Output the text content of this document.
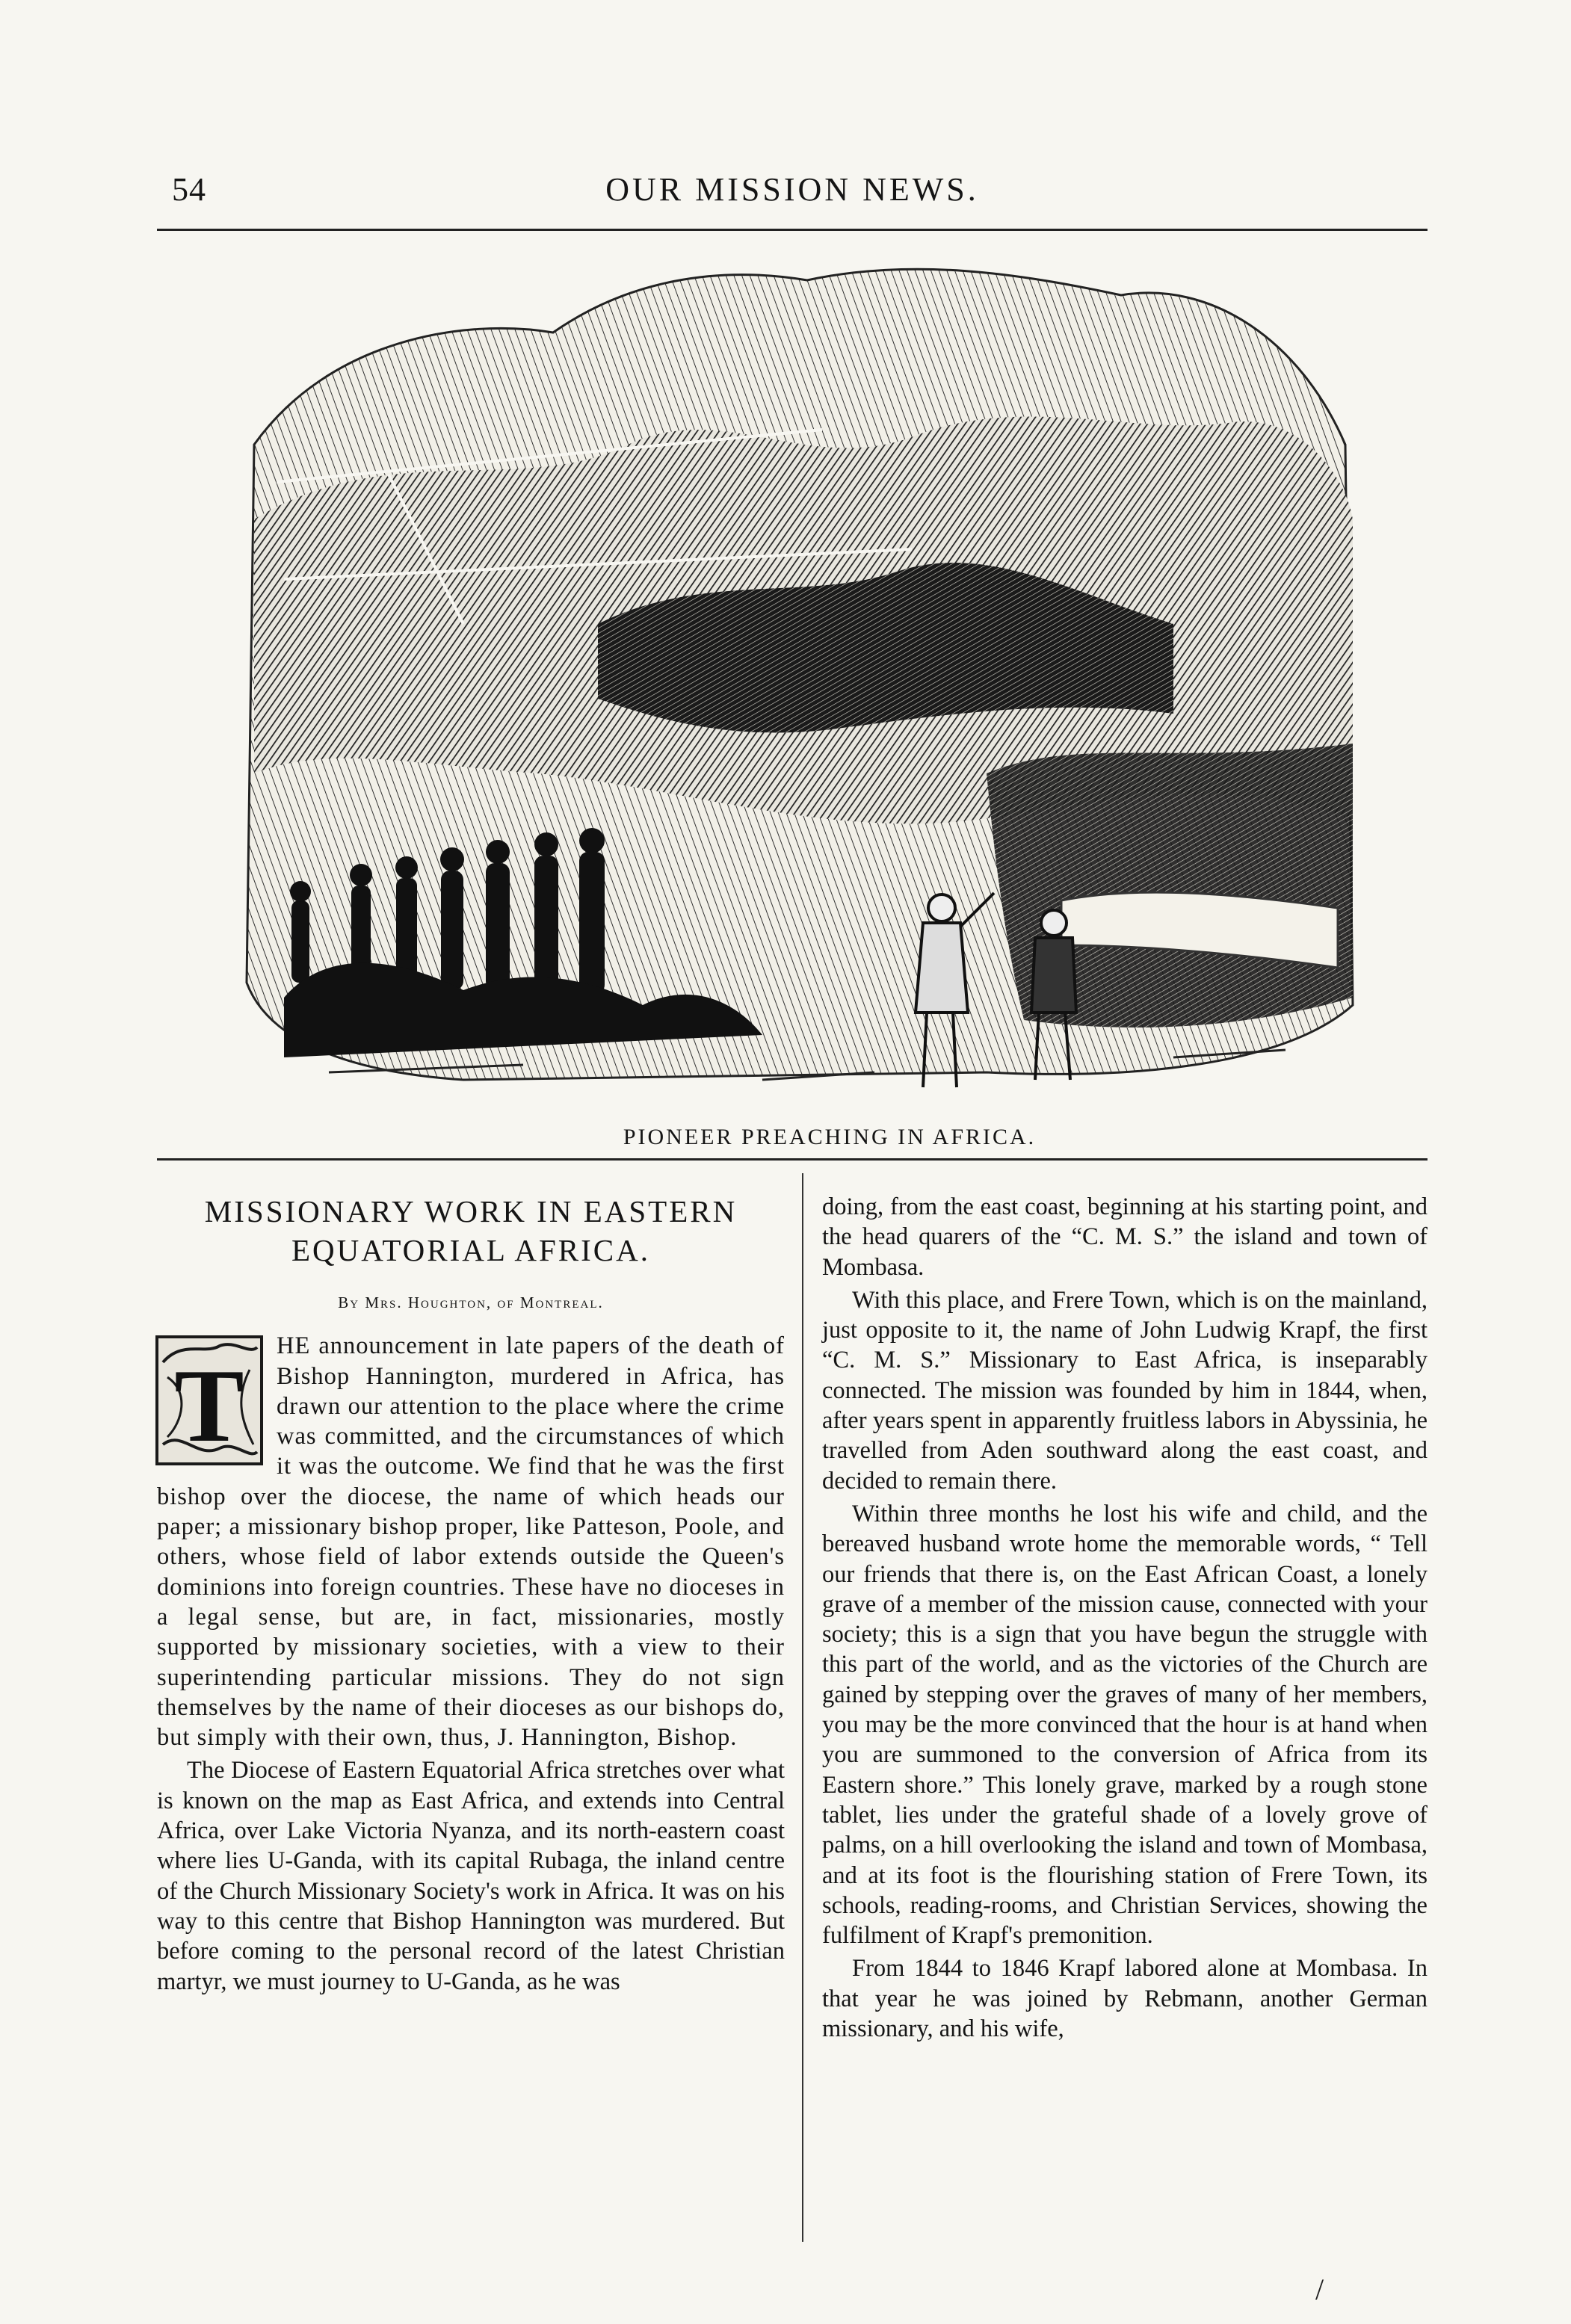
54	OUR MISSION NEWS.
PIONEER PREACHING IN AFRICA.
MISSIONARY WORK IN EASTERN
EQUATORIAL AFRICA.
By Mrs. Houghton, of Montreal.

T
HE announcement in late papers of the death of Bishop Hannington, murdered in Africa, has drawn our attention to the place where the crime was committed, and the circumstances of which it was the outcome. We find that he was the first bishop over the diocese, the name of which heads our paper; a missionary bishop proper, like Patteson, Poole, and others, whose field of labor extends outside the Queen's dominions into foreign countries. These have no dioceses in a legal sense, but are, in fact, missionaries, mostly supported by missionary societies, with a view to their superintending particular missions. They do not sign themselves by the name of their dioceses as our bishops do, but simply with their own, thus, J. Hannington, Bishop.

The Diocese of Eastern Equatorial Africa stretches over what is known on the map as East Africa, and extends into Central Africa, over Lake Victoria Nyanza, and its north-eastern coast where lies U-Ganda, with its capital Rubaga, the inland centre of the Church Missionary Society's work in Africa. It was on his way to this centre that Bishop Hannington was murdered. But before coming to the personal record of the latest Christian martyr, we must journey to U-Ganda, as he was

doing, from the east coast, beginning at his starting point, and the head quarers of the “C. M. S.” the island and town of Mombasa.

With this place, and Frere Town, which is on the mainland, just opposite to it, the name of John Ludwig Krapf, the first “C. M. S.” Missionary to East Africa, is inseparably connected. The mission was founded by him in 1844, when, after years spent in apparently fruitless labors in Abyssinia, he travelled from Aden southward along the east coast, and decided to remain there.

Within three months he lost his wife and child, and the bereaved husband wrote home the memorable words, “ Tell our friends that there is, on the East African Coast, a lonely grave of a member of the mission cause, connected with your society; this is a sign that you have begun the struggle with this part of the world, and as the victories of the Church are gained by stepping over the graves of many of her members, you may be the more convinced that the hour is at hand when you are summoned to the conversion of Africa from its Eastern shore.” This lonely grave, marked by a rough stone tablet, lies under the grateful shade of a lovely grove of palms, on a hill overlooking the island and town of Mombasa, and at its foot is the flourishing station of Frere Town, its schools, reading-rooms, and Christian Services, showing the fulfilment of Krapf's premonition.

From 1844 to 1846 Krapf labored alone at Mombasa. In that year he was joined by Rebmann, another German missionary, and his wife,

/
